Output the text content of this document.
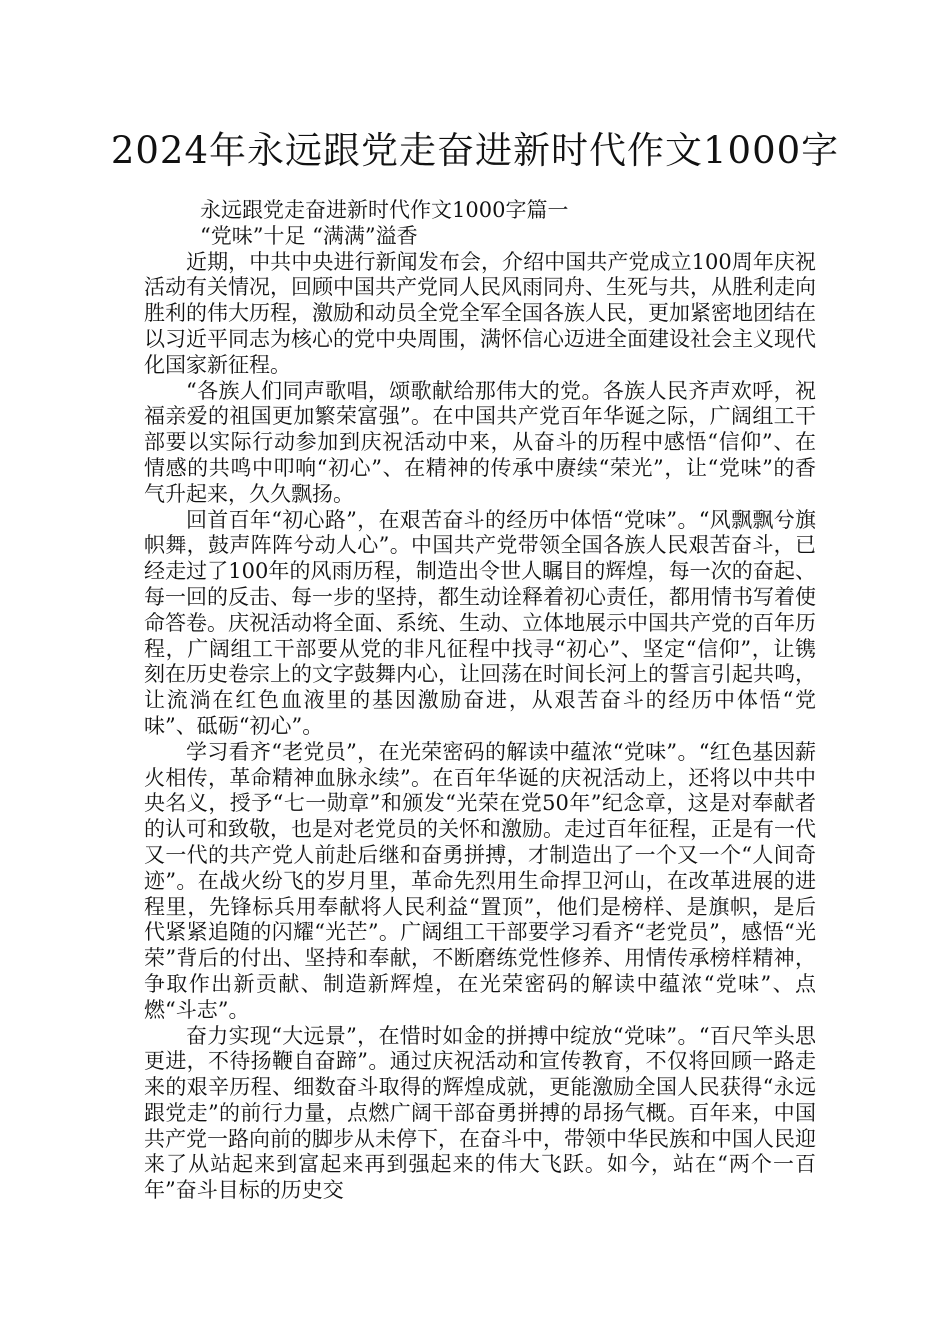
2024年永远跟党走奋进新时代作文1000字

永远跟党走奋进新时代作文1000字篇一

“党味”十足 “满满”溢香

近期，中共中央进行新闻发布会，介绍中国共产党成立100周年庆祝活动有关情况，回顾中国共产党同人民风雨同舟、生死与共，从胜利走向胜利的伟大历程，激励和动员全党全军全国各族人民，更加紧密地团结在以习近平同志为核心的党中央周围，满怀信心迈进全面建设社会主义现代化国家新征程。

“各族人们同声歌唱，颂歌献给那伟大的党。各族人民齐声欢呼，祝福亲爱的祖国更加繁荣富强”。在中国共产党百年华诞之际，广阔组工干部要以实际行动参加到庆祝活动中来，从奋斗的历程中感悟“信仰”、在情感的共鸣中叩响“初心”、在精神的传承中赓续“荣光”，让“党味”的香气升起来，久久飘扬。

回首百年“初心路”，在艰苦奋斗的经历中体悟“党味”。“风飘飘兮旗帜舞，鼓声阵阵兮动人心”。中国共产党带领全国各族人民艰苦奋斗，已经走过了100年的风雨历程，制造出令世人瞩目的辉煌，每一次的奋起、每一回的反击、每一步的坚持，都生动诠释着初心责任，都用情书写着使命答卷。庆祝活动将全面、系统、生动、立体地展示中国共产党的百年历程，广阔组工干部要从党的非凡征程中找寻“初心”、坚定“信仰”，让镌刻在历史卷宗上的文字鼓舞内心，让回荡在时间长河上的誓言引起共鸣，让流淌在红色血液里的基因激励奋进，从艰苦奋斗的经历中体悟“党味”、砥砺“初心”。

学习看齐“老党员”，在光荣密码的解读中蕴浓“党味”。“红色基因薪火相传，革命精神血脉永续”。在百年华诞的庆祝活动上，还将以中共中央名义，授予“七一勋章”和颁发“光荣在党50年”纪念章，这是对奉献者的认可和致敬，也是对老党员的关怀和激励。走过百年征程，正是有一代又一代的共产党人前赴后继和奋勇拼搏，才制造出了一个又一个“人间奇迹”。在战火纷飞的岁月里，革命先烈用生命捍卫河山，在改革进展的进程里，先锋标兵用奉献将人民利益“置顶”，他们是榜样、是旗帜，是后代紧紧追随的闪耀“光芒”。广阔组工干部要学习看齐“老党员”，感悟“光荣”背后的付出、坚持和奉献，不断磨练党性修养、用情传承榜样精神，争取作出新贡献、制造新辉煌，在光荣密码的解读中蕴浓“党味”、点燃“斗志”。

奋力实现“大远景”，在惜时如金的拼搏中绽放“党味”。“百尺竿头思更进，不待扬鞭自奋蹄”。通过庆祝活动和宣传教育，不仅将回顾一路走来的艰辛历程、细数奋斗取得的辉煌成就，更能激励全国人民获得“永远跟党走”的前行力量，点燃广阔干部奋勇拼搏的昂扬气概。百年来，中国共产党一路向前的脚步从未停下，在奋斗中，带领中华民族和中国人民迎来了从站起来到富起来再到强起来的伟大飞跃。如今，站在“两个一百年”奋斗目标的历史交
